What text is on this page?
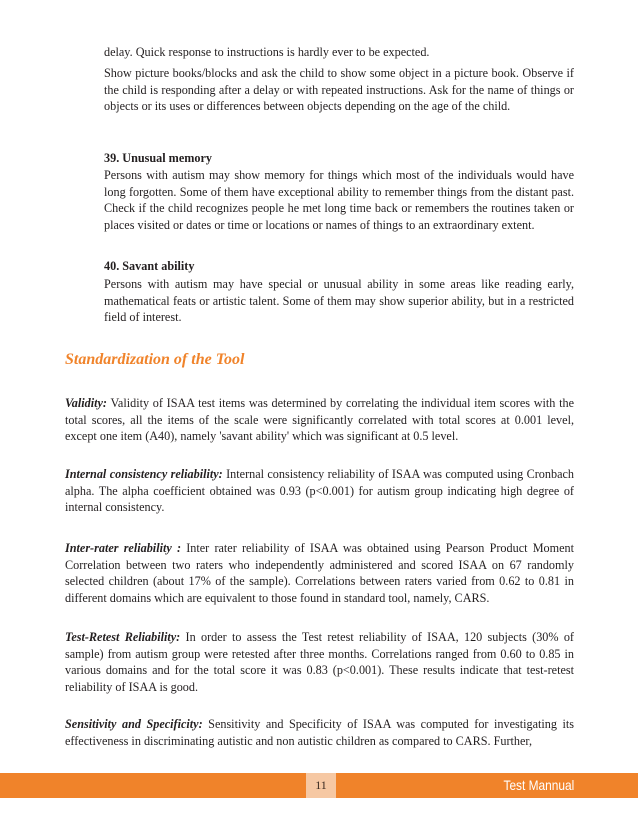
delay. Quick response to instructions is hardly ever to be expected.

Show picture books/blocks and ask the child to show some object in a picture book. Observe if the child is responding after a delay or with repeated instructions. Ask for the name of things or objects or its uses or differences between objects depending on the age of the child.

39. Unusual memory

Persons with autism may show memory for things which most of the individuals would have long forgotten. Some of them have exceptional ability to remember things from the distant past. Check if the child recognizes people he met long time back or remembers the routines taken or places visited or dates or time or locations or names of things to an extraordinary extent.

40. Savant ability

Persons with autism may have special or unusual ability in some areas like reading early, mathematical feats or artistic talent. Some of them may show superior ability, but in a restricted field of interest.

Standardization of the Tool

Validity: Validity of ISAA test items was determined by correlating the individual item scores with the total scores, all the items of the scale were significantly correlated with total scores at 0.001 level, except one item (A40), namely 'savant ability' which was significant at 0.5 level.

Internal consistency reliability: Internal consistency reliability of ISAA was computed using Cronbach alpha. The alpha coefficient obtained was 0.93 (p<0.001) for autism group indicating high degree of internal consistency.

Inter-rater reliability : Inter rater reliability of ISAA was obtained using Pearson Product Moment Correlation between two raters who independently administered and scored ISAA on 67 randomly selected children (about 17% of the sample). Correlations between raters varied from 0.62 to 0.81 in different domains which are equivalent to those found in standard tool, namely, CARS.

Test-Retest Reliability: In order to assess the Test retest reliability of ISAA, 120 subjects (30% of sample) from autism group were retested after three months. Correlations ranged from 0.60 to 0.85 in various domains and for the total score it was 0.83 (p<0.001). These results indicate that test-retest reliability of ISAA is good.

Sensitivity and Specificity: Sensitivity and Specificity of ISAA was computed for investigating its effectiveness in discriminating autistic and non autistic children as compared to CARS. Further,

11	Test Mannual
